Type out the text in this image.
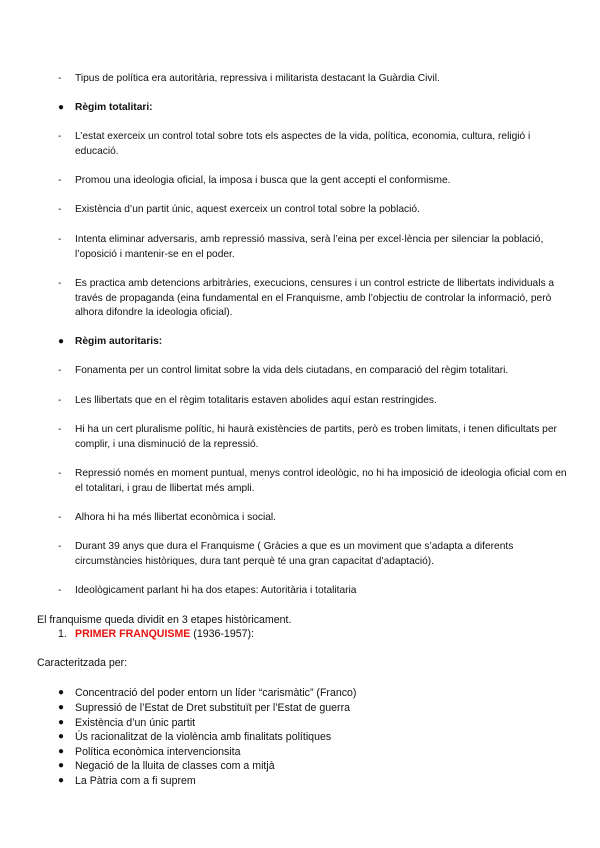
- Tipus de política era autoritària, repressiva i militarista destacant la Guàrdia Civil.
● Règim totalitari:
- L’estat exerceix un control total sobre tots els aspectes de la vida, política, economia, cultura, religió i educació.
- Promou una ideologia oficial, la imposa i busca que la gent accepti el conformisme.
- Existència d’un partit únic, aquest exerceix un control total sobre la població.
- Intenta eliminar adversaris, amb repressió massiva, serà l’eina per excel·lència per silenciar la població, l’oposició i mantenir-se en el poder.
- Es practica amb detencions arbitràries, execucions, censures i un control estricte de llibertats individuals a través de propaganda (eina fundamental en el Franquisme, amb l’objectiu de controlar la informació, però alhora difondre la ideologia oficial).
● Règim autoritaris:
- Fonamenta per un control limitat sobre la vida dels ciutadans, en comparació del règim totalitari.
- Les llibertats que en el règim totalitaris estaven abolides aquí estan restringides.
- Hi ha un cert pluralisme polític, hi haurà existències de partits, però es troben limitats, i tenen dificultats per complir, i una disminució de la repressió.
- Repressió només en moment puntual, menys control ideològic, no hi ha imposició de ideologia oficial com en el totalitari, i grau de llibertat més ampli.
- Alhora hi ha més llibertat econòmica i social.
- Durant 39 anys que dura el Franquisme ( Gràcies a que es un moviment que s’adapta a diferents circumstàncies històriques, dura tant perquè té una gran capacitat d’adaptació).
- Ideològicament parlant hi ha dos etapes: Autoritària i totalitaria
El franquisme queda dividit en 3 etapes històricament.
1. PRIMER FRANQUISME (1936-1957):
Caracteritzada per:
● Concentració del poder entorn un líder “carismàtic” (Franco)
● Supressió de l’Estat de Dret substituït per l’Estat de guerra
● Existència d’un únic partit
● Ús racionalitzat de la violència amb finalitats polítiques
● Política econòmica intervencionsita
● Negació de la lluita de classes com a mitjà
● La Pàtria com a fi suprem
